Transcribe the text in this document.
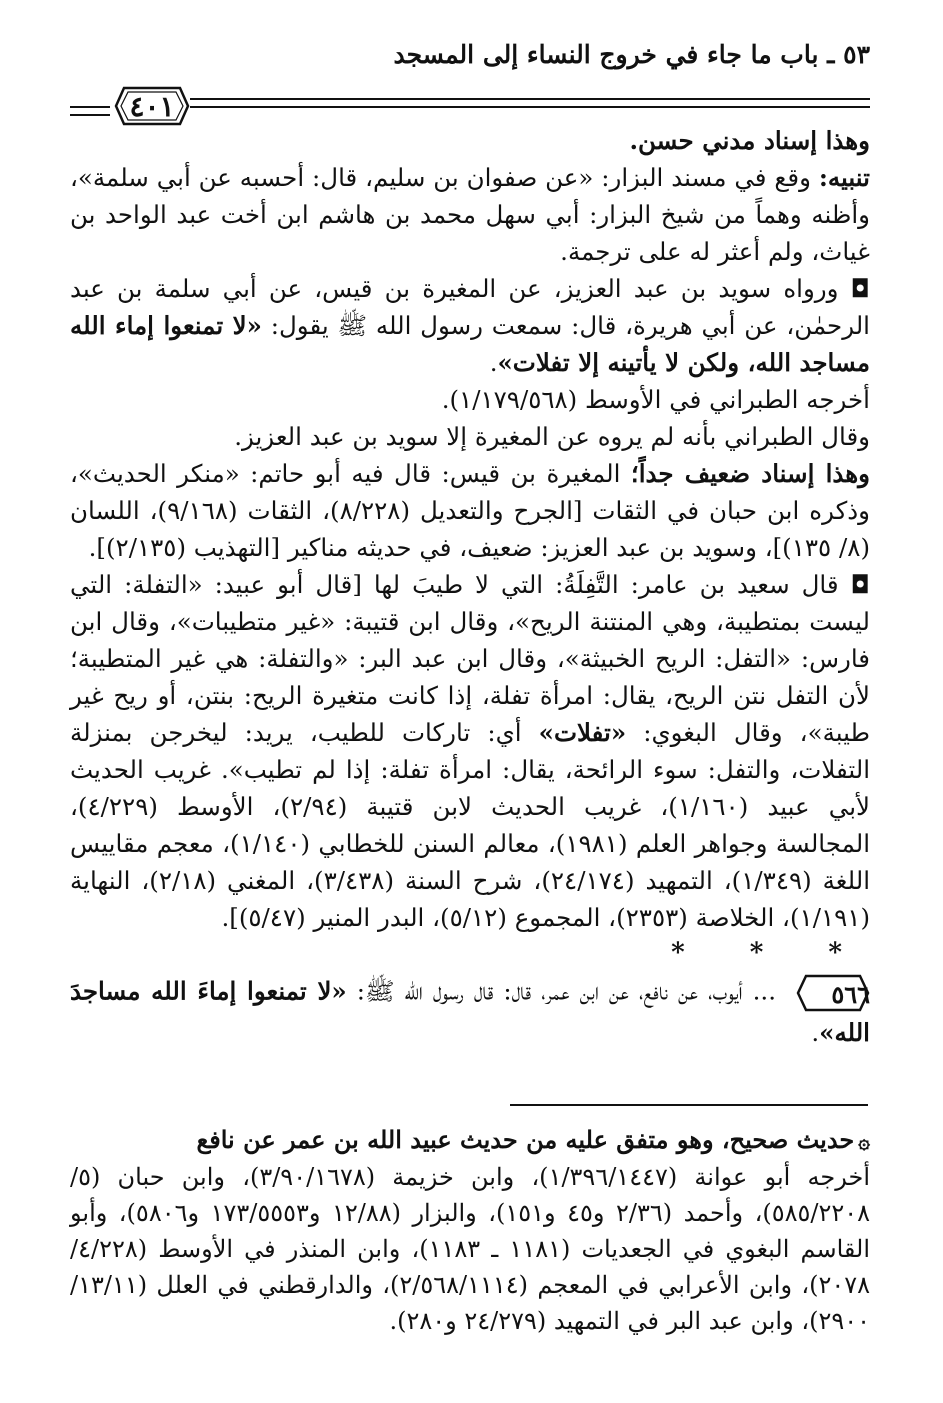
٥٣ ـ باب ما جاء في خروج النساء إلى المسجد
٤٠١

وهذا إسناد مدني حسن.

تنبيه: وقع في مسند البزار: «عن صفوان بن سليم، قال: أحسبه عن أبي سلمة»، وأظنه وهماً من شيخ البزار: أبي سهل محمد بن هاشم ابن أخت عبد الواحد بن غياث، ولم أعثر له على ترجمة.

◘ ورواه سويد بن عبد العزيز، عن المغيرة بن قيس، عن أبي سلمة بن عبد الرحمٰن، عن أبي هريرة، قال: سمعت رسول الله ﷺ يقول: «لا تمنعوا إماء الله مساجد الله، ولكن لا يأتينه إلا تفلات».

أخرجه الطبراني في الأوسط (١/١٧٩/٥٦٨).

وقال الطبراني بأنه لم يروه عن المغيرة إلا سويد بن عبد العزيز.

وهذا إسناد ضعيف جداً؛ المغيرة بن قيس: قال فيه أبو حاتم: «منكر الحديث»، وذكره ابن حبان في الثقات [الجرح والتعديل (٨/٢٢٨)، الثقات (٩/١٦٨)، اللسان (٨/ ١٣٥)]، وسويد بن عبد العزيز: ضعيف، في حديثه مناكير [التهذيب (٢/١٣٥)].

◘ قال سعيد بن عامر: التَّفِلَةُ: التي لا طيبَ لها [قال أبو عبيد: «التفلة: التي ليست بمتطيبة، وهي المنتنة الريح»، وقال ابن قتيبة: «غير متطيبات»، وقال ابن فارس: «التفل: الريح الخبيثة»، وقال ابن عبد البر: «والتفلة: هي غير المتطيبة؛ لأن التفل نتن الريح، يقال: امرأة تفلة، إذا كانت متغيرة الريح: بنتن، أو ريح غير طيبة»، وقال البغوي: «تفلات» أي: تاركات للطيب، يريد: ليخرجن بمنزلة التفلات، والتفل: سوء الرائحة، يقال: امرأة تفلة: إذا لم تطيب». غريب الحديث لأبي عبيد (١/١٦٠)، غريب الحديث لابن قتيبة (٢/٩٤)، الأوسط (٤/٢٢٩)، المجالسة وجواهر العلم (١٩٨١)، معالم السنن للخطابي (١/١٤٠)، معجم مقاييس اللغة (١/٣٤٩)، التمهيد (٢٤/١٧٤)، شرح السنة (٣/٤٣٨)، المغني (٢/١٨)، النهاية (١/١٩١)، الخلاصة (٢٣٥٣)، المجموع (٥/١٢)، البدر المنير (٥/٤٧)].

* * *

٥٦٦
... أيوب، عن نافع، عن ابن عمر، قال: قال رسول الله ﷺ: «لا تمنعوا إماءَ الله مساجدَ الله».

۞حديث صحيح، وهو متفق عليه من حديث عبيد الله بن عمر عن نافع

أخرجه أبو عوانة (١/٣٩٦/١٤٤٧)، وابن خزيمة (٣/٩٠/١٦٧٨)، وابن حبان (٥/ ٥٨٥/٢٢٠٨)، وأحمد (٢/٣٦ و٤٥ و١٥١)، والبزار (١٢/٨٨ و١٧٣/٥٥٥٣ و٥٨٠٦)، وأبو القاسم البغوي في الجعديات (١١٨١ ـ ١١٨٣)، وابن المنذر في الأوسط (٤/٢٢٨/ ٢٠٧٨)، وابن الأعرابي في المعجم (٢/٥٦٨/١١١٤)، والدارقطني في العلل (١٣/١١/ ٢٩٠٠)، وابن عبد البر في التمهيد (٢٤/٢٧٩ و٢٨٠).
